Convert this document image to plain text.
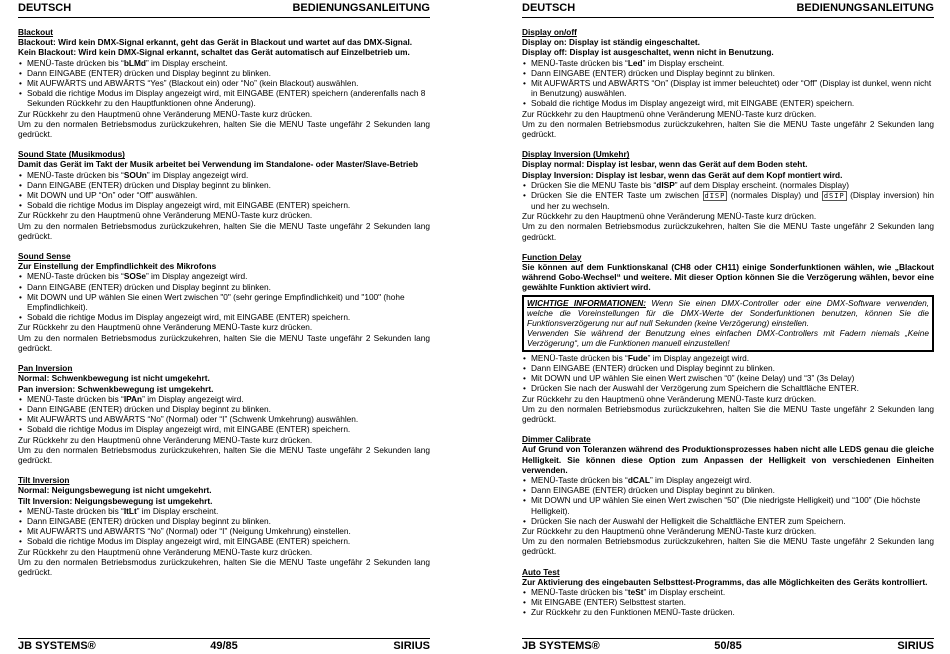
DEUTSCH	BEDIENUNGSANLEITUNG
Blackout

Blackout: Wird kein DMX-Signal erkannt, geht das Gerät in Blackout und wartet auf das DMX-Signal.

Kein Blackout: Wird kein DMX-Signal erkannt, schaltet das Gerät automatisch auf Einzelbetrieb um.

• MENÜ-Taste drücken bis “bLMd” im Display erscheint.
• Dann EINGABE (ENTER) drücken und Display beginnt zu blinken.
• Mit AUFWÄRTS und ABWÄRTS “Yes” (Blackout ein) oder “No” (kein Blackout) auswählen.
• Sobald die richtige Modus im Display angezeigt wird, mit EINGABE (ENTER) speichern (anderenfalls nach 8 Sekunden Rückkehr zu den Hauptfunktionen ohne Änderung).

Zur Rückkehr zu den Hauptmenü ohne Veränderung MENÜ-Taste kurz drücken.

Um zu den normalen Betriebsmodus zurückzukehren, halten Sie die MENU Taste ungefähr 2 Sekunden lang gedrückt.

Sound State (Musikmodus)

Damit das Gerät im Takt der Musik arbeitet bei Verwendung im Standalone- oder Master/Slave-Betrieb

• MENÜ-Taste drücken bis “SOUn” im Display angezeigt wird.
• Dann EINGABE (ENTER) drücken und Display beginnt zu blinken.
• Mit DOWN und UP “On” oder “Off” auswählen.
• Sobald die richtige Modus im Display angezeigt wird, mit EINGABE (ENTER) speichern.

Zur Rückkehr zu den Hauptmenü ohne Veränderung MENÜ-Taste kurz drücken.

Um zu den normalen Betriebsmodus zurückzukehren, halten Sie die MENU Taste ungefähr 2 Sekunden lang gedrückt.

Sound Sense

Zur Einstellung der Empfindlichkeit des Mikrofons

• MENÜ-Taste drücken bis “SOSe” im Display angezeigt wird.
• Dann EINGABE (ENTER) drücken und Display beginnt zu blinken.
• Mit DOWN und UP wählen Sie einen Wert zwischen "0" (sehr geringe Empfindlichkeit) und "100" (hohe Empfindlichkeit).
• Sobald die richtige Modus im Display angezeigt wird, mit EINGABE (ENTER) speichern.

Zur Rückkehr zu den Hauptmenü ohne Veränderung MENÜ-Taste kurz drücken.

Um zu den normalen Betriebsmodus zurückzukehren, halten Sie die MENU Taste ungefähr 2 Sekunden lang gedrückt.

Pan Inversion

Normal: Schwenkbewegung ist nicht umgekehrt.

Pan inversion: Schwenkbewegung ist umgekehrt.

• MENÜ-Taste drücken bis “IPAn” im Display angezeigt wird.
• Dann EINGABE (ENTER) drücken und Display beginnt zu blinken.
• Mit AUFWÄRTS und ABWÄRTS “No” (Normal) oder “I” (Schwenk Umkehrung) auswählen.
• Sobald die richtige Modus im Display angezeigt wird, mit EINGABE (ENTER) speichern.

Zur Rückkehr zu den Hauptmenü ohne Veränderung MENÜ-Taste kurz drücken.

Um zu den normalen Betriebsmodus zurückzukehren, halten Sie die MENU Taste ungefähr 2 Sekunden lang gedrückt.

Tilt Inversion

Normal: Neigungsbewegung ist nicht umgekehrt.

Tilt Inversion: Neigungsbewegung ist umgekehrt.

• MENÜ-Taste drücken bis “ItLt” im Display erscheint.
• Dann EINGABE (ENTER) drücken und Display beginnt zu blinken.
• Mit AUFWÄRTS und ABWÄRTS “No” (Normal) oder “I” (Neigung Umkehrung) einstellen.
• Sobald die richtige Modus im Display angezeigt wird, mit EINGABE (ENTER) speichern.

Zur Rückkehr zu den Hauptmenü ohne Veränderung MENÜ-Taste kurz drücken.

Um zu den normalen Betriebsmodus zurückzukehren, halten Sie die MENU Taste ungefähr 2 Sekunden lang gedrückt.

JB SYSTEMS®	49/85	SIRIUS
DEUTSCH	BEDIENUNGSANLEITUNG
Display on/off

Display on: Display ist ständig eingeschaltet.

Display off: Display ist ausgeschaltet, wenn nicht in Benutzung.

• MENÜ-Taste drücken bis “Led” im Display erscheint.
• Dann EINGABE (ENTER) drücken und Display beginnt zu blinken.
• Mit AUFWÄRTS und ABWÄRTS “On” (Display ist immer beleuchtet) oder “Off” (Display ist dunkel, wenn nicht in Benutzung) auswählen.
• Sobald die richtige Modus im Display angezeigt wird, mit EINGABE (ENTER) speichern.

Zur Rückkehr zu den Hauptmenü ohne Veränderung MENÜ-Taste kurz drücken.

Um zu den normalen Betriebsmodus zurückzukehren, halten Sie die MENU Taste ungefähr 2 Sekunden lang gedrückt.

Display Inversion (Umkehr)

Display normal: Display ist lesbar, wenn das Gerät auf dem Boden steht.

Display Inversion: Display ist lesbar, wenn das Gerät auf dem Kopf montiert wird.

• Drücken Sie die MENU Taste bis “dISP” auf dem Display erscheint. (normales Display)
• Drücken Sie die ENTER Taste um zwischen dISP (normales Display) und dSIP (Display inversion) hin und her zu wechseln.

Zur Rückkehr zu den Hauptmenü ohne Veränderung MENÜ-Taste kurz drücken.

Um zu den normalen Betriebsmodus zurückzukehren, halten Sie die MENU Taste ungefähr 2 Sekunden lang gedrückt.

Function Delay

Sie können auf dem Funktionskanal (CH8 oder CH11) einige Sonderfunktionen wählen, wie „Blackout während Gobo-Wechsel“ und weitere. Mit dieser Option können Sie die Verzögerung wählen, bevor eine gewählte Funktion aktiviert wird.

WICHTIGE INFORMATIONEN: Wenn Sie einen DMX-Controller oder eine DMX-Software verwenden, welche die Voreinstellungen für die DMX-Werte der Sonderfunktionen benutzen, können Sie die Funktionsverzögerung nur auf null Sekunden (keine Verzögerung) einstellen.
Verwenden Sie während der Benutzung eines einfachen DMX-Controllers mit Fadern niemals „Keine Verzögerung“, um die Funktionen manuell einzustellen!
• MENÜ-Taste drücken bis “Fude” im Display angezeigt wird.
• Dann EINGABE (ENTER) drücken und Display beginnt zu blinken.
• Mit DOWN und UP wählen Sie einen Wert zwischen “0” (keine Delay) und “3” (3s Delay)
• Drücken Sie nach der Auswahl der Verzögerung zum Speichern die Schaltfläche ENTER.

Zur Rückkehr zu den Hauptmenü ohne Veränderung MENÜ-Taste kurz drücken.

Um zu den normalen Betriebsmodus zurückzukehren, halten Sie die MENU Taste ungefähr 2 Sekunden lang gedrückt.

Dimmer Calibrate

Auf Grund von Toleranzen während des Produktionsprozesses haben nicht alle LEDS genau die gleiche Helligkeit. Sie können diese Option zum Anpassen der Helligkeit von verschiedenen Einheiten verwenden.

• MENÜ-Taste drücken bis “dCAL” im Display angezeigt wird.
• Dann EINGABE (ENTER) drücken und Display beginnt zu blinken.
• Mit DOWN und UP wählen Sie einen Wert zwischen “50” (Die niedrigste Helligkeit) und “100” (Die höchste Helligkeit).
• Drücken Sie nach der Auswahl der Helligkeit die Schaltfläche ENTER zum Speichern.

Zur Rückkehr zu den Hauptmenü ohne Veränderung MENÜ-Taste kurz drücken.

Um zu den normalen Betriebsmodus zurückzukehren, halten Sie die MENU Taste ungefähr 2 Sekunden lang gedrückt.

Auto Test

Zur Aktivierung des eingebauten Selbsttest-Programms, das alle Möglichkeiten des Geräts kontrolliert.

• MENÜ-Taste drücken bis “teSt” im Display erscheint.
• Mit EINGABE (ENTER) Selbsttest starten.
• Zur Rückkehr zu den Funktionen MENÜ-Taste drücken.
JB SYSTEMS®	50/85	SIRIUS
